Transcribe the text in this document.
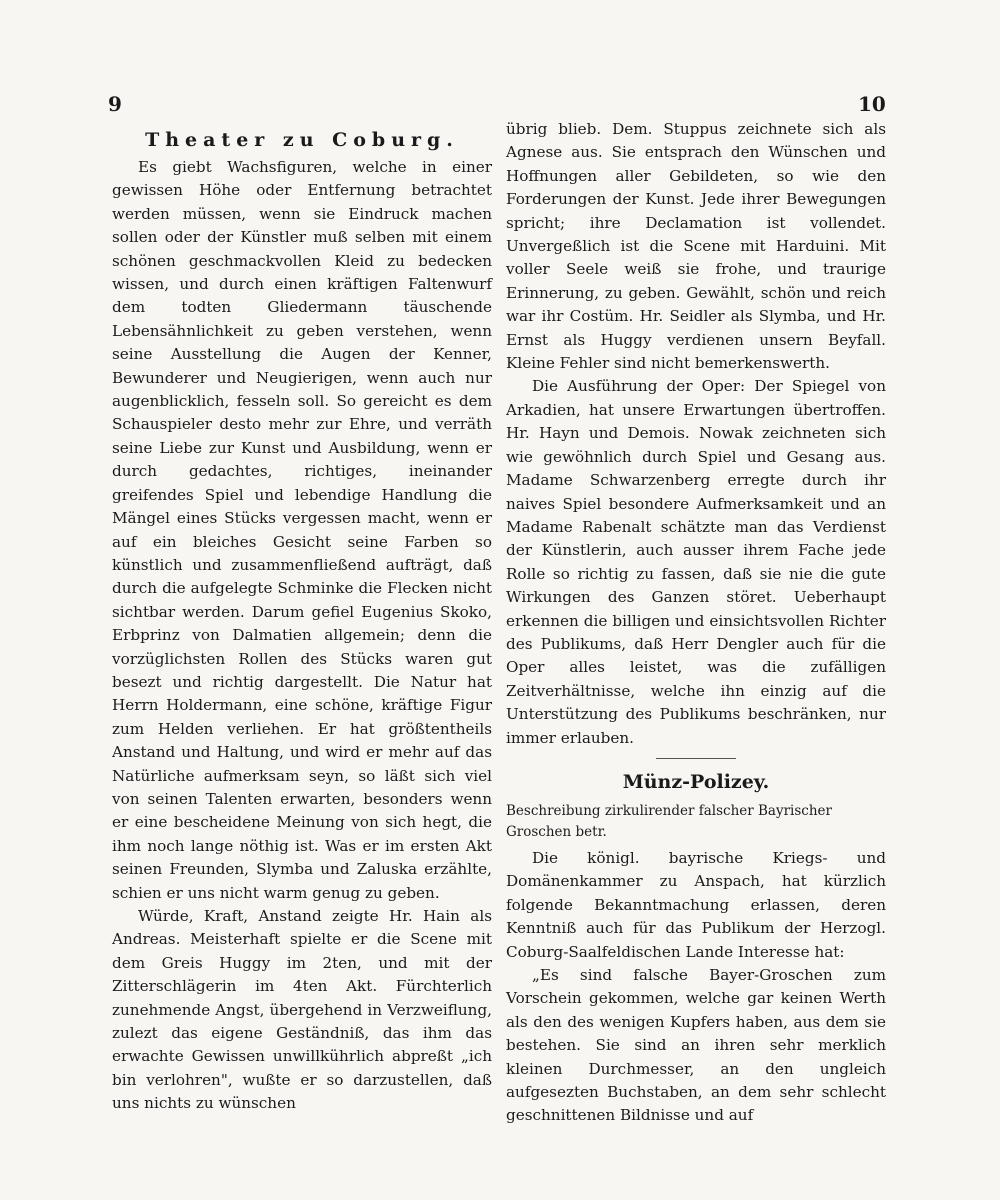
9	10
Theater zu Coburg.

Es giebt Wachsfiguren, welche in einer gewissen Höhe oder Entfernung betrachtet werden müssen, wenn sie Eindruck machen sollen oder der Künstler muß selben mit einem schönen geschmackvollen Kleid zu bedecken wissen, und durch einen kräftigen Faltenwurf dem todten Gliedermann täuschende Lebensähnlichkeit zu geben verstehen, wenn seine Ausstellung die Augen der Kenner, Bewunderer und Neugierigen, wenn auch nur augenblicklich, fesseln soll. So gereicht es dem Schauspieler desto mehr zur Ehre, und verräth seine Liebe zur Kunst und Ausbildung, wenn er durch gedachtes, richtiges, ineinander greifendes Spiel und lebendige Handlung die Mängel eines Stücks vergessen macht, wenn er auf ein bleiches Gesicht seine Farben so künstlich und zusammenfließend aufträgt, daß durch die aufgelegte Schminke die Flecken nicht sichtbar werden. Darum gefiel Eugenius Skoko, Erbprinz von Dalmatien allgemein; denn die vorzüglichsten Rollen des Stücks waren gut besezt und richtig dargestellt. Die Natur hat Herrn Holdermann, eine schöne, kräftige Figur zum Helden verliehen. Er hat größtentheils Anstand und Haltung, und wird er mehr auf das Natürliche aufmerksam seyn, so läßt sich viel von seinen Talenten erwarten, besonders wenn er eine bescheidene Meinung von sich hegt, die ihm noch lange nöthig ist. Was er im ersten Akt seinen Freunden, Slymba und Zaluska erzählte, schien er uns nicht warm genug zu geben.

Würde, Kraft, Anstand zeigte Hr. Hain als Andreas. Meisterhaft spielte er die Scene mit dem Greis Huggy im 2ten, und mit der Zitterschlägerin im 4ten Akt. Fürchterlich zunehmende Angst, übergehend in Verzweiflung, zulezt das eigene Geständniß, das ihm das erwachte Gewissen unwillkührlich abpreßt „ich bin verlohren", wußte er so darzustellen, daß uns nichts zu wünschen

übrig blieb. Dem. Stuppus zeichnete sich als Agnese aus. Sie entsprach den Wünschen und Hoffnungen aller Gebildeten, so wie den Forderungen der Kunst. Jede ihrer Bewegungen spricht; ihre Declamation ist vollendet. Unvergeßlich ist die Scene mit Harduini. Mit voller Seele weiß sie frohe, und traurige Erinnerung, zu geben. Gewählt, schön und reich war ihr Costüm. Hr. Seidler als Slymba, und Hr. Ernst als Huggy verdienen unsern Beyfall. Kleine Fehler sind nicht bemerkenswerth.

Die Ausführung der Oper: Der Spiegel von Arkadien, hat unsere Erwartungen übertroffen. Hr. Hayn und Demois. Nowak zeichneten sich wie gewöhnlich durch Spiel und Gesang aus. Madame Schwarzenberg erregte durch ihr naives Spiel besondere Aufmerksamkeit und an Madame Rabenalt schätzte man das Verdienst der Künstlerin, auch ausser ihrem Fache jede Rolle so richtig zu fassen, daß sie nie die gute Wirkungen des Ganzen störet. Ueberhaupt erkennen die billigen und einsichtsvollen Richter des Publikums, daß Herr Dengler auch für die Oper alles leistet, was die zufälligen Zeitverhältnisse, welche ihn einzig auf die Unterstützung des Publikums beschränken, nur immer erlauben.

Münz-Polizey.
Beschreibung zirkulirender falscher Bayrischer Groschen betr.

Die königl. bayrische Kriegs- und Domänenkammer zu Anspach, hat kürzlich folgende Bekanntmachung erlassen, deren Kenntniß auch für das Publikum der Herzogl. Coburg-Saalfeldischen Lande Interesse hat:

„Es sind falsche Bayer-Groschen zum Vorschein gekommen, welche gar keinen Werth als den des wenigen Kupfers haben, aus dem sie bestehen. Sie sind an ihren sehr merklich kleinen Durchmesser, an den ungleich aufgesezten Buchstaben, an dem sehr schlecht geschnittenen Bildnisse und auf
